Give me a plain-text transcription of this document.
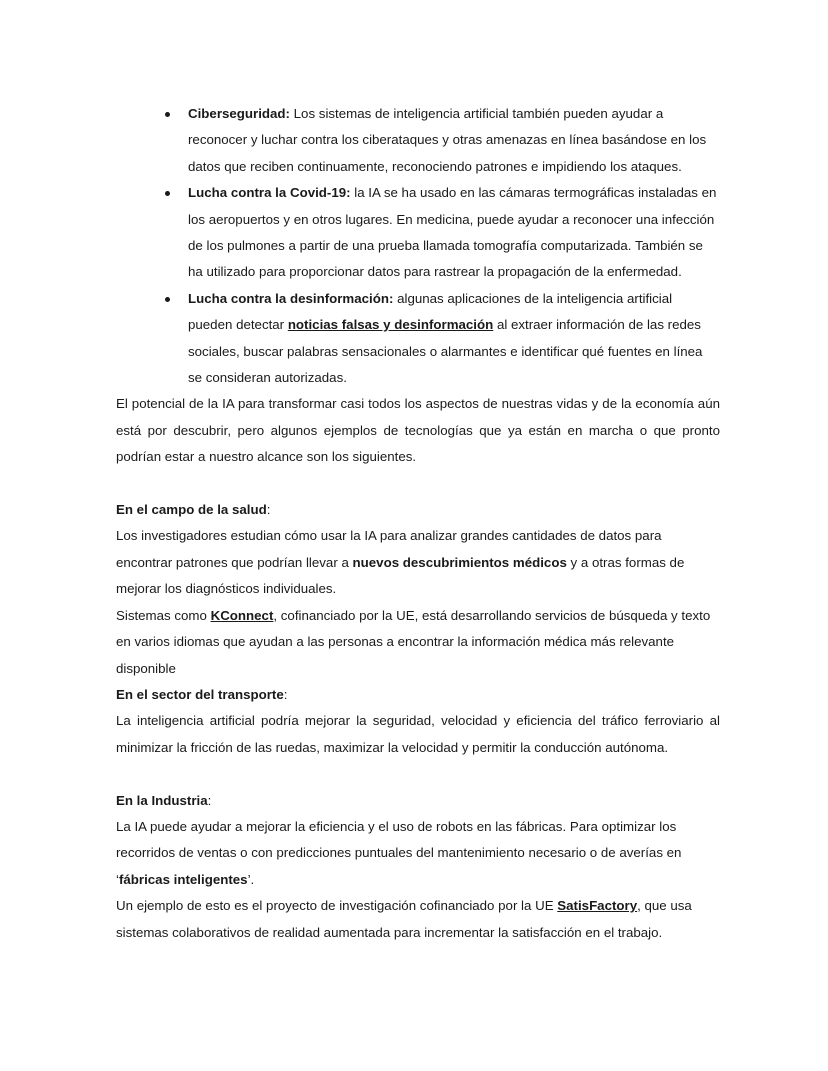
Ciberseguridad: Los sistemas de inteligencia artificial también pueden ayudar a reconocer y luchar contra los ciberataques y otras amenazas en línea basándose en los datos que reciben continuamente, reconociendo patrones e impidiendo los ataques.
Lucha contra la Covid-19: la IA se ha usado en las cámaras termográficas instaladas en los aeropuertos y en otros lugares. En medicina, puede ayudar a reconocer una infección de los pulmones a partir de una prueba llamada tomografía computarizada. También se ha utilizado para proporcionar datos para rastrear la propagación de la enfermedad.
Lucha contra la desinformación: algunas aplicaciones de la inteligencia artificial pueden detectar noticias falsas y desinformación al extraer información de las redes sociales, buscar palabras sensacionales o alarmantes e identificar qué fuentes en línea se consideran autorizadas.

El potencial de la IA para transformar casi todos los aspectos de nuestras vidas y de la economía aún está por descubrir, pero algunos ejemplos de tecnologías que ya están en marcha o que pronto podrían estar a nuestro alcance son los siguientes.

En el campo de la salud:

Los investigadores estudian cómo usar la IA para analizar grandes cantidades de datos para encontrar patrones que podrían llevar a nuevos descubrimientos médicos y a otras formas de mejorar los diagnósticos individuales.

Sistemas como KConnect, cofinanciado por la UE, está desarrollando servicios de búsqueda y texto en varios idiomas que ayudan a las personas a encontrar la información médica más relevante disponible

En el sector del transporte:

La inteligencia artificial podría mejorar la seguridad, velocidad y eficiencia del tráfico ferroviario al minimizar la fricción de las ruedas, maximizar la velocidad y permitir la conducción autónoma.

En la Industria:

La IA puede ayudar a mejorar la eficiencia y el uso de robots en las fábricas. Para optimizar los recorridos de ventas o con predicciones puntuales del mantenimiento necesario o de averías en
‘fábricas inteligentes’.

Un ejemplo de esto es el proyecto de investigación cofinanciado por la UE SatisFactory, que usa sistemas colaborativos de realidad aumentada para incrementar la satisfacción en el trabajo.
